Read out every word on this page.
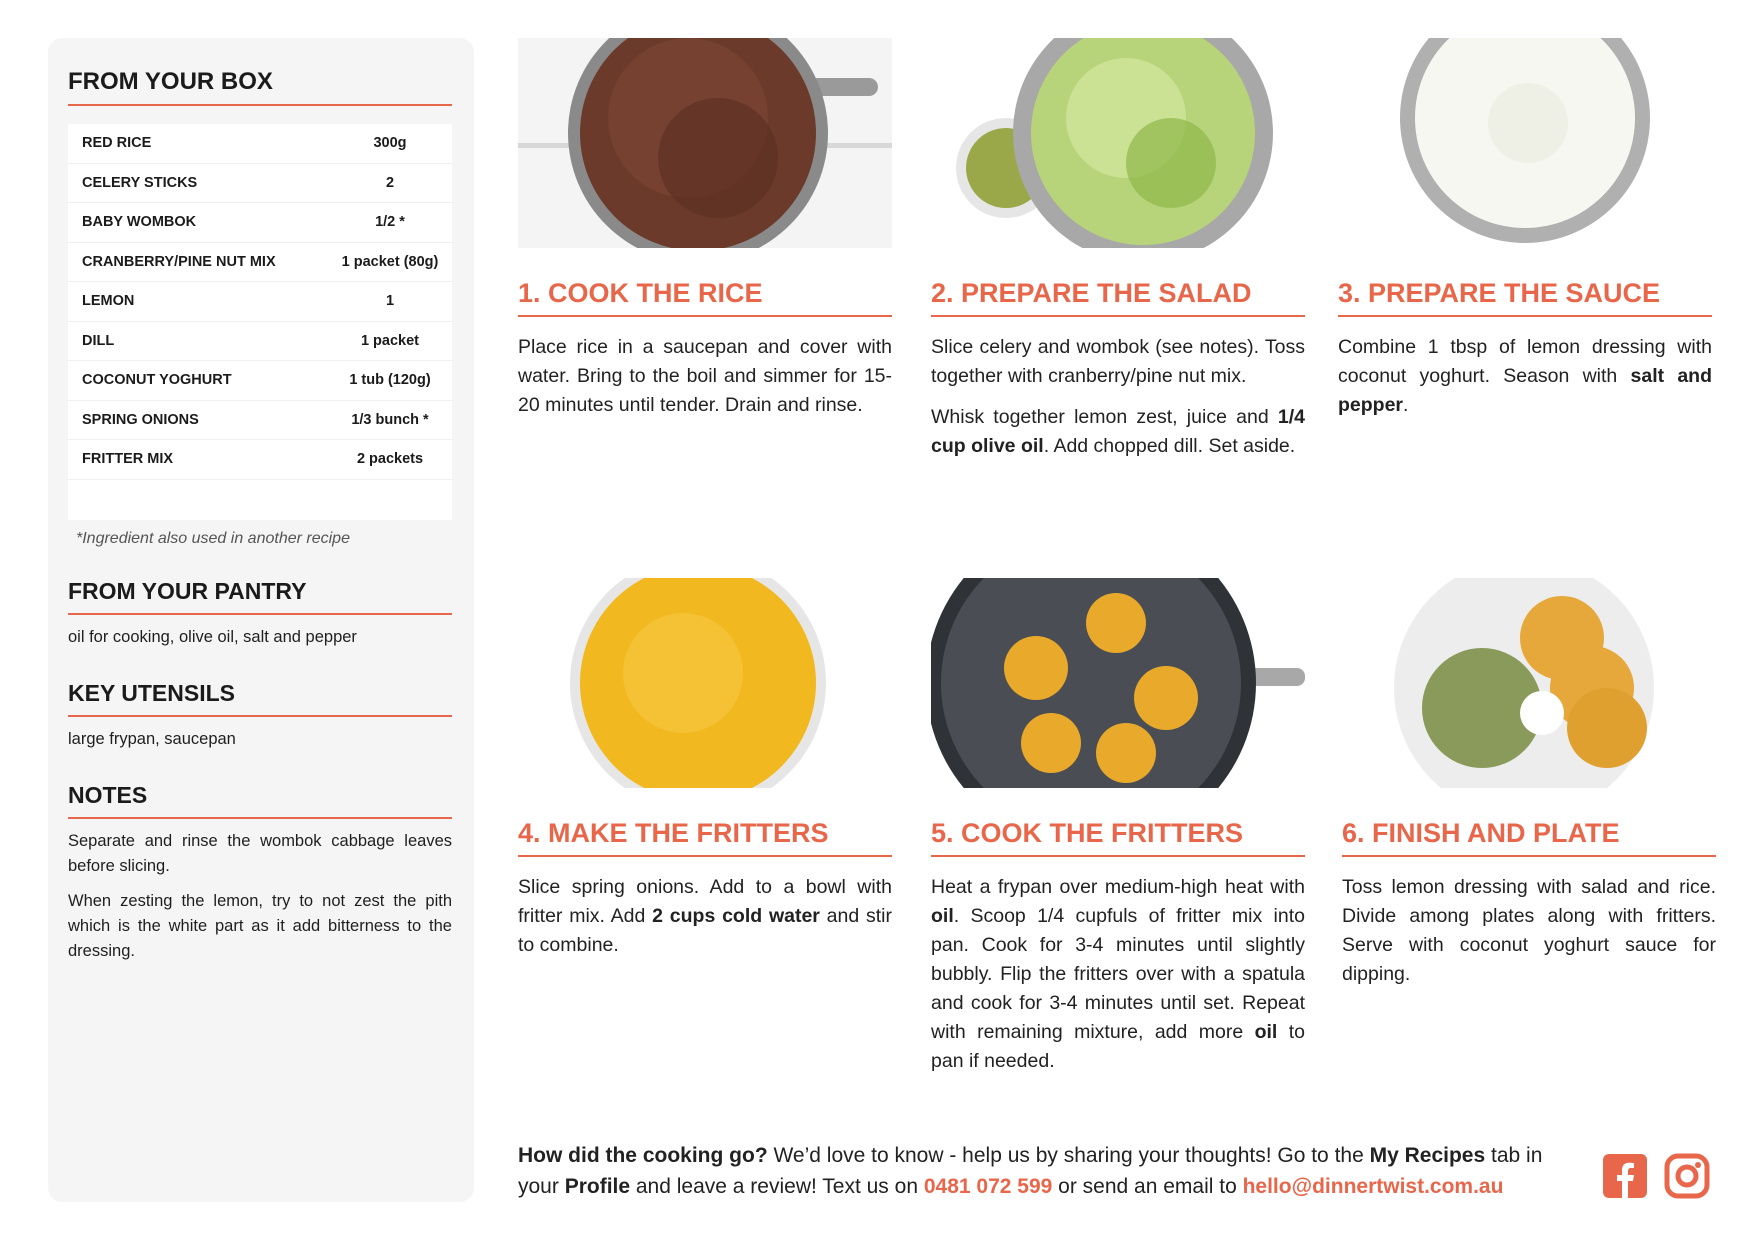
FROM YOUR BOX
RED RICE	300g
CELERY STICKS	2
BABY WOMBOK	1/2 *
CRANBERRY/PINE NUT MIX	1 packet (80g)
LEMON	1
DILL	1 packet
COCONUT YOGHURT	1 tub (120g)
SPRING ONIONS	1/3 bunch *
FRITTER MIX	2 packets
*Ingredient also used in another recipe
FROM YOUR PANTRY
oil for cooking, olive oil, salt and pepper
KEY UTENSILS
large frypan, saucepan
NOTES

Separate and rinse the wombok cabbage leaves before slicing.

When zesting the lemon, try to not zest the pith which is the white part as it add bitterness to the dressing.

1. COOK THE RICE
Place rice in a saucepan and cover with water. Bring to the boil and simmer for 15-20 minutes until tender. Drain and rinse.
2. PREPARE THE SALAD

Slice celery and wombok (see notes). Toss together with cranberry/pine nut mix.

Whisk together lemon zest, juice and 1/4 cup olive oil. Add chopped dill. Set aside.

3. PREPARE THE SAUCE
Combine 1 tbsp of lemon dressing with coconut yoghurt. Season with salt and pepper.
4. MAKE THE FRITTERS
Slice spring onions. Add to a bowl with fritter mix. Add 2 cups cold water and stir to combine.
5. COOK THE FRITTERS
Heat a frypan over medium-high heat with oil. Scoop 1/4 cupfuls of fritter mix into pan. Cook for 3-4 minutes until slightly bubbly. Flip the fritters over with a spatula and cook for 3-4 minutes until set. Repeat with remaining mixture, add more oil to pan if needed.
6. FINISH AND PLATE
Toss lemon dressing with salad and rice. Divide among plates along with fritters. Serve with coconut yoghurt sauce for dipping.
How did the cooking go? We’d love to know - help us by sharing your thoughts! Go to the My Recipes tab in your Profile and leave a review! Text us on 0481 072 599 or send an email to hello@dinnertwist.com.au
